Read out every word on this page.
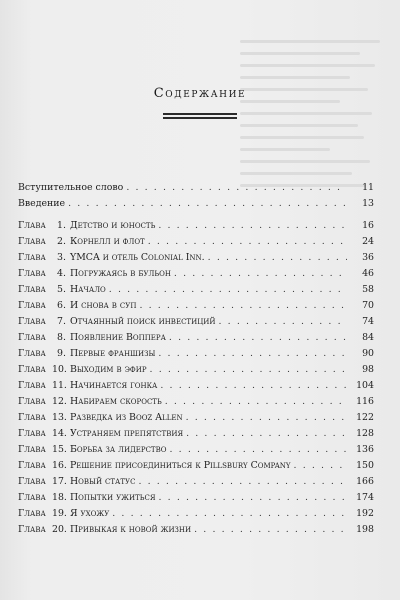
Содержание
Вступительное слово . . .	11
Введение . . .	13
Глава 1. Детство и юность . . .	16
Глава 2. Корнелл и флот . . .	24
Глава 3. YMCA и отель Colonial Inn. . . .	36
Глава 4. Погружаясь в бульон . . .	46
Глава 5. Начало . . .	58
Глава 6. И снова в суп . . .	70
Глава 7. Отчаянный поиск инвестиций . . .	74
Глава 8. Появление Воппера . . .	84
Глава 9. Первые франшизы . . .	90
Глава 10. Выходим в эфир . . .	98
Глава 11. Начинается гонка . . .	104
Глава 12. Набираем скорость . . .	116
Глава 13. Разведка из Booz Allen . . .	122
Глава 14. Устраняем препятствия . . .	128
Глава 15. Борьба за лидерство . . .	136
Глава 16. Решение присоединиться к Pillsbury Company . . .	150
Глава 17. Новый статус . . .	166
Глава 18. Попытки ужиться . . .	174
Глава 19. Я ухожу . . .	192
Глава 20. Привыкая к новой жизни . . .	198
